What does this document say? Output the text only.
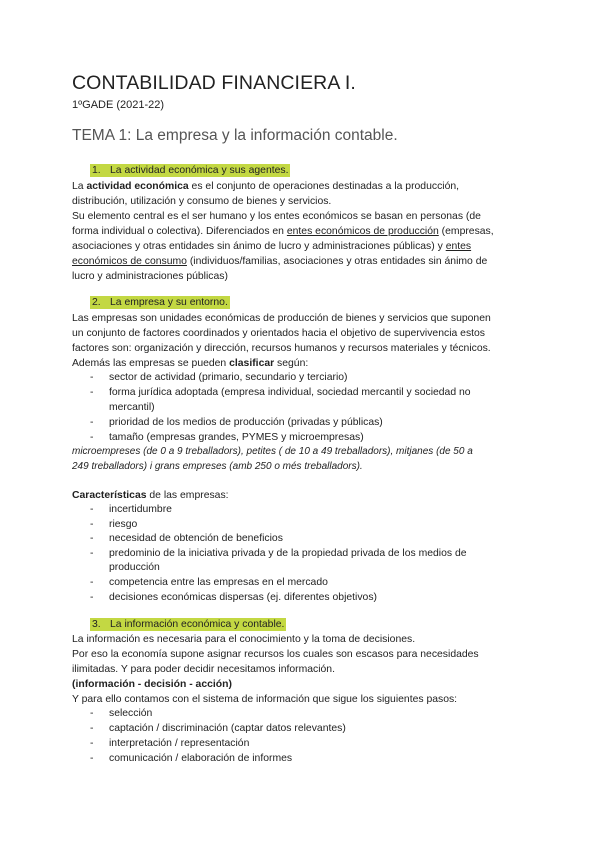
CONTABILIDAD FINANCIERA I.
1ºGADE (2021-22)
TEMA 1: La empresa y la información contable.
1. La actividad económica y sus agentes.
La actividad económica es el conjunto de operaciones destinadas a la producción,
distribución, utilización y consumo de bienes y servicios.
Su elemento central es el ser humano y los entes económicos se basan en personas (de
forma individual o colectiva). Diferenciados en entes económicos de producción (empresas,
asociaciones y otras entidades sin ánimo de lucro y administraciones públicas) y entes
económicos de consumo (individuos/familias, asociaciones y otras entidades sin ánimo de
lucro y administraciones públicas)
2. La empresa y su entorno.
Las empresas son unidades económicas de producción de bienes y servicios que suponen
un conjunto de factores coordinados y orientados hacia el objetivo de supervivencia estos
factores son: organización y dirección, recursos humanos y recursos materiales y técnicos.
Además las empresas se pueden clasificar según:
- sector de actividad (primario, secundario y terciario)
- forma jurídica adoptada (empresa individual, sociedad mercantil y sociedad no
mercantil)
- prioridad de los medios de producción (privadas y públicas)
- tamaño (empresas grandes, PYMES y microempresas)
microempreses (de 0 a 9 treballadors), petites ( de 10 a 49 treballadors), mitjanes (de 50 a
249 treballadors) i grans empreses (amb 250 o més treballadors).
Características de las empresas:
- incertidumbre
- riesgo
- necesidad de obtención de beneficios
- predominio de la iniciativa privada y de la propiedad privada de los medios de
producción
- competencia entre las empresas en el mercado
- decisiones económicas dispersas (ej. diferentes objetivos)
3. La información económica y contable.
La información es necesaria para el conocimiento y la toma de decisiones.
Por eso la economía supone asignar recursos los cuales son escasos para necesidades
ilimitadas. Y para poder decidir necesitamos información.
(información - decisión - acción)
Y para ello contamos con el sistema de información que sigue los siguientes pasos:
- selección
- captación / discriminación (captar datos relevantes)
- interpretación / representación
- comunicación / elaboración de informes
